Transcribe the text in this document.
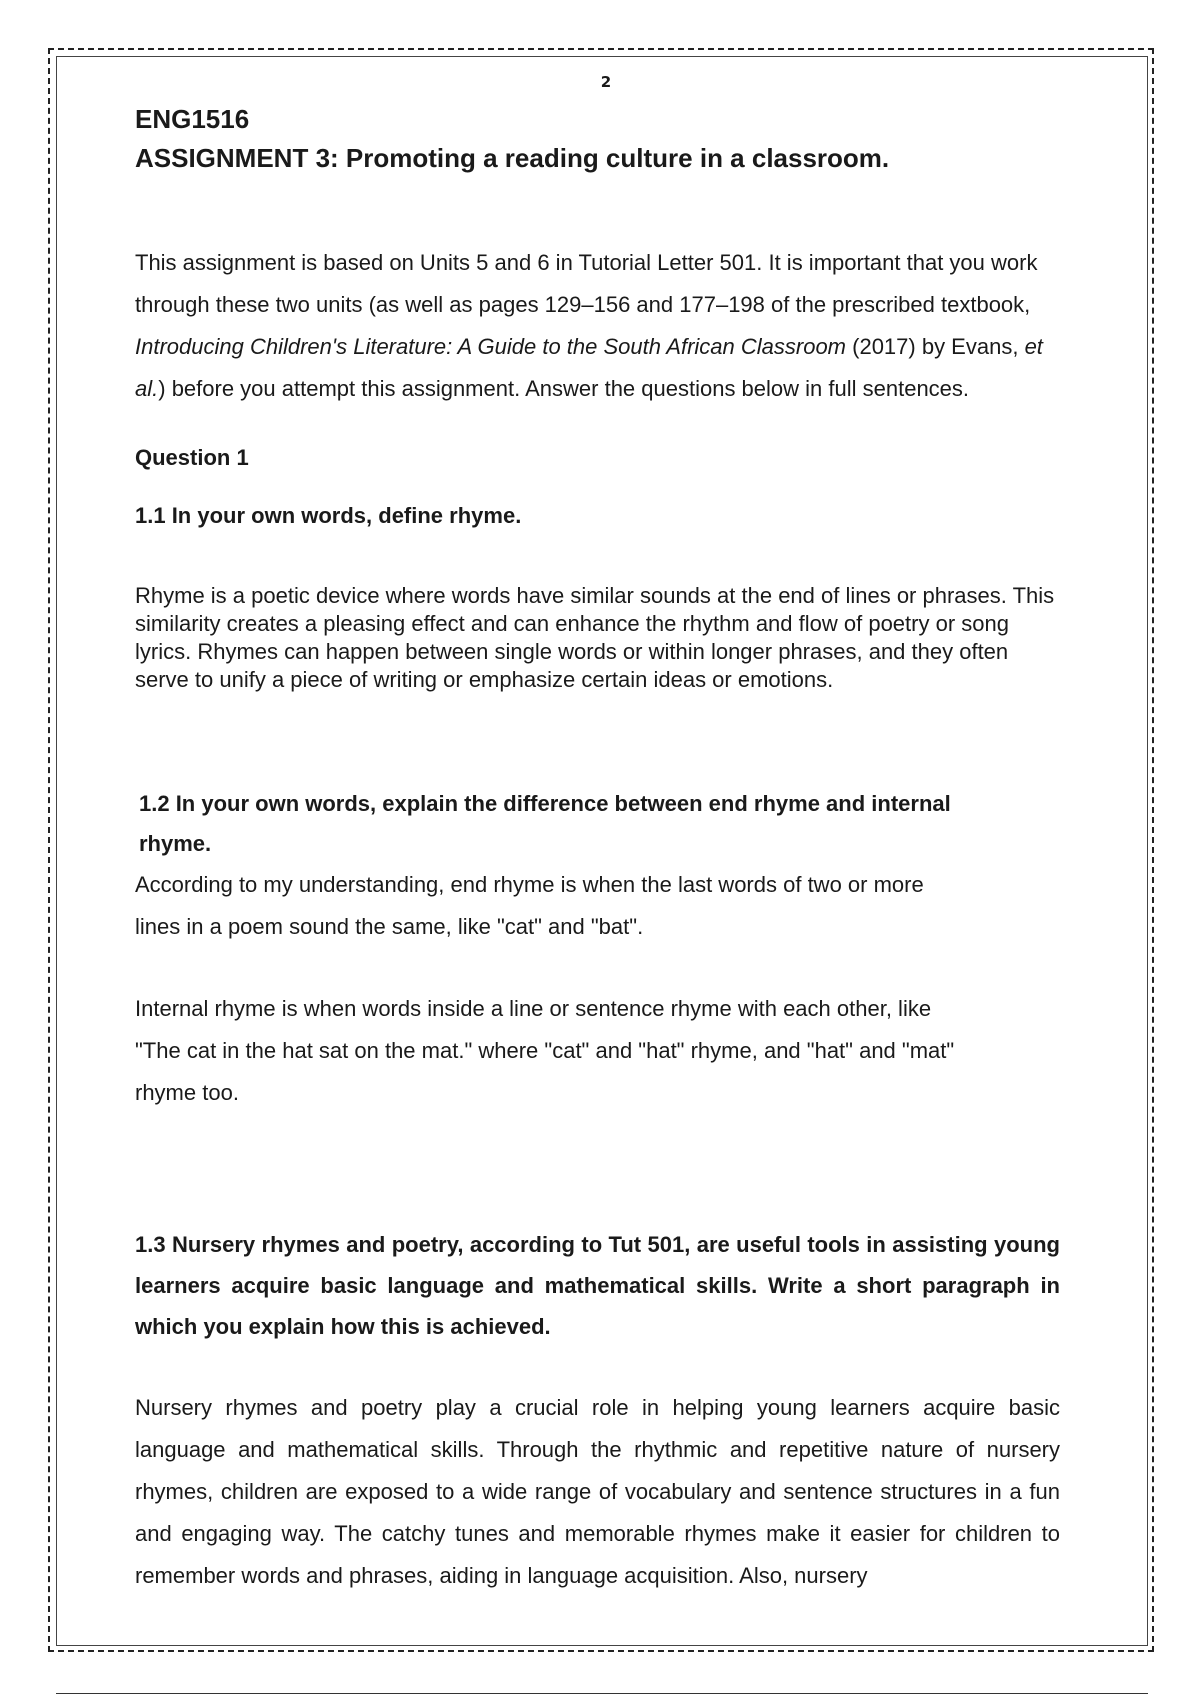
2

ENG1516

ASSIGNMENT 3: Promoting a reading culture in a classroom.

This assignment is based on Units 5 and 6 in Tutorial Letter 501. It is important that you work through these two units (as well as pages 129–156 and 177–198 of the prescribed textbook, Introducing Children's Literature: A Guide to the South African Classroom (2017) by Evans, et al.) before you attempt this assignment. Answer the questions below in full sentences.

Question 1

1.1 In your own words, define rhyme.

Rhyme is a poetic device where words have similar sounds at the end of lines or phrases. This similarity creates a pleasing effect and can enhance the rhythm and flow of poetry or song lyrics. Rhymes can happen between single words or within longer phrases, and they often serve to unify a piece of writing or emphasize certain ideas or emotions.

1.2 In your own words, explain the difference between end rhyme and internal rhyme.

According to my understanding, end rhyme is when the last words of two or more lines in a poem sound the same, like "cat" and "bat".

Internal rhyme is when words inside a line or sentence rhyme with each other, like "The cat in the hat sat on the mat." where "cat" and "hat" rhyme, and "hat" and "mat" rhyme too.

1.3 Nursery rhymes and poetry, according to Tut 501, are useful tools in assisting young learners acquire basic language and mathematical skills. Write a short paragraph in which you explain how this is achieved.

Nursery rhymes and poetry play a crucial role in helping young learners acquire basic language and mathematical skills. Through the rhythmic and repetitive nature of nursery rhymes, children are exposed to a wide range of vocabulary and sentence structures in a fun and engaging way. The catchy tunes and memorable rhymes make it easier for children to remember words and phrases, aiding in language acquisition. Also, nursery
